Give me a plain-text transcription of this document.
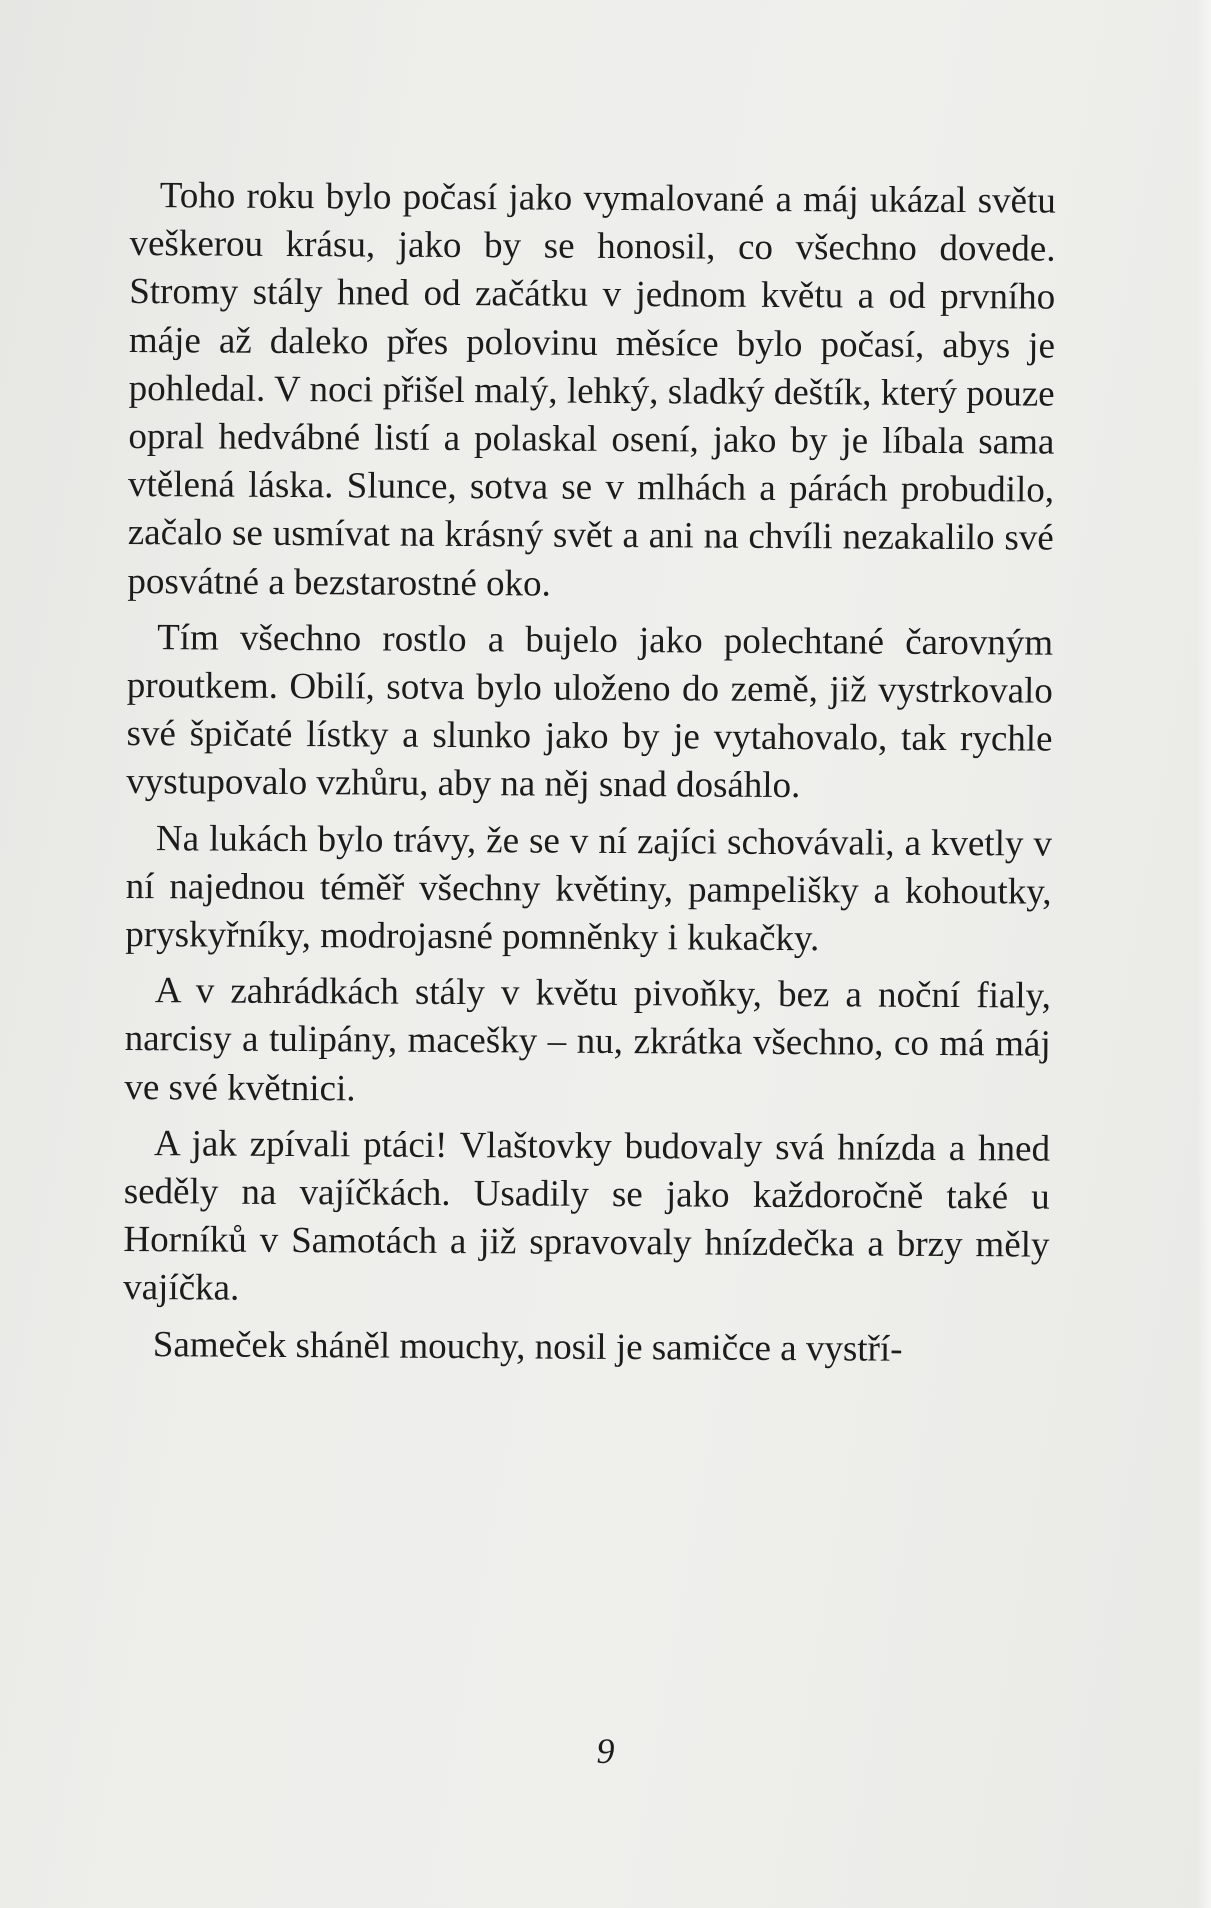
Toho roku bylo počasí jako vymalované a máj ukázal světu veškerou krásu, jako by se honosil, co všechno dovede. Stromy stály hned od začátku v jednom květu a od prvního máje až daleko přes polovinu měsíce bylo počasí, abys je pohledal. V noci přišel malý, lehký, sladký deštík, který pouze opral hedvábné listí a polaskal osení, jako by je líbala sama vtělená láska. Slunce, sotva se v mlhách a párách probudilo, začalo se usmívat na krásný svět a ani na chvíli nezakalilo své posvátné a bezstarostné oko.

Tím všechno rostlo a bujelo jako polechtané čarovným proutkem. Obilí, sotva bylo uloženo do země, již vystrkovalo své špičaté lístky a slunko jako by je vytahovalo, tak rychle vystupovalo vzhůru, aby na něj snad dosáhlo.

Na lukách bylo trávy, že se v ní zajíci schovávali, a kvetly v ní najednou téměř všechny květiny, pampelišky a kohoutky, pryskyřníky, modrojasné pomněnky i kukačky.

A v zahrádkách stály v květu pivoňky, bez a noční fialy, narcisy a tulipány, macešky – nu, zkrátka všechno, co má máj ve své květnici.

A jak zpívali ptáci! Vlaštovky budovaly svá hnízda a hned seděly na vajíčkách. Usadily se jako každoročně také u Horníků v Samotách a již spravovaly hnízdečka a brzy měly vajíčka.

Sameček sháněl mouchy, nosil je samičce a vystří-

9
